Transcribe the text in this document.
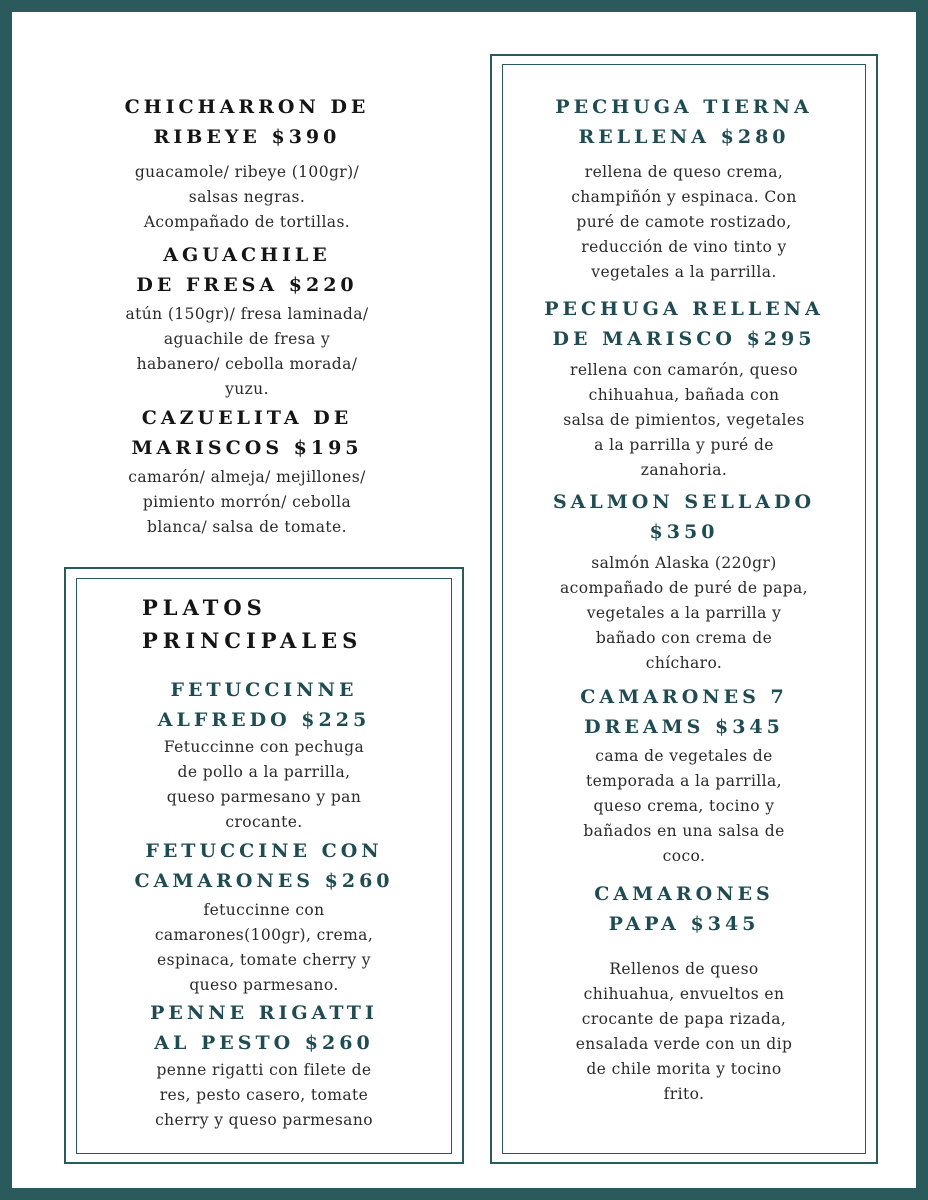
CHICHARRON DE
RIBEYE $390

guacamole/ ribeye (100gr)/
salsas negras.
Acompañado de tortillas.

AGUACHILE
DE FRESA $220

atún (150gr)/ fresa laminada/
aguachile de fresa y
habanero/ cebolla morada/
yuzu.

CAZUELITA DE
MARISCOS $195

camarón/ almeja/ mejillones/
pimiento morrón/ cebolla
blanca/ salsa de tomate.

PLATOS
PRINCIPALES

FETUCCINNE
ALFREDO $225

Fetuccinne con pechuga
de pollo a la parrilla,
queso parmesano y pan
crocante.

FETUCCINE CON
CAMARONES $260

fetuccinne con
camarones(100gr), crema,
espinaca, tomate cherry y
queso parmesano.

PENNE RIGATTI
AL PESTO $260

penne rigatti con filete de
res, pesto casero, tomate
cherry y queso parmesano

PECHUGA TIERNA
RELLENA $280

rellena de queso crema,
champiñón y espinaca. Con
puré de camote rostizado,
reducción de vino tinto y
vegetales a la parrilla.

PECHUGA RELLENA
DE MARISCO $295

rellena con camarón, queso
chihuahua, bañada con
salsa de pimientos, vegetales
a la parrilla y puré de
zanahoria.

SALMON SELLADO
$350

salmón Alaska (220gr)
acompañado de puré de papa,
vegetales a la parrilla y
bañado con crema de
chícharo.

CAMARONES 7
DREAMS $345

cama de vegetales de
temporada a la parrilla,
queso crema, tocino y
bañados en una salsa de
coco.

CAMARONES
PAPA $345

Rellenos de queso
chihuahua, envueltos en
crocante de papa rizada,
ensalada verde con un dip
de chile morita y tocino
frito.
